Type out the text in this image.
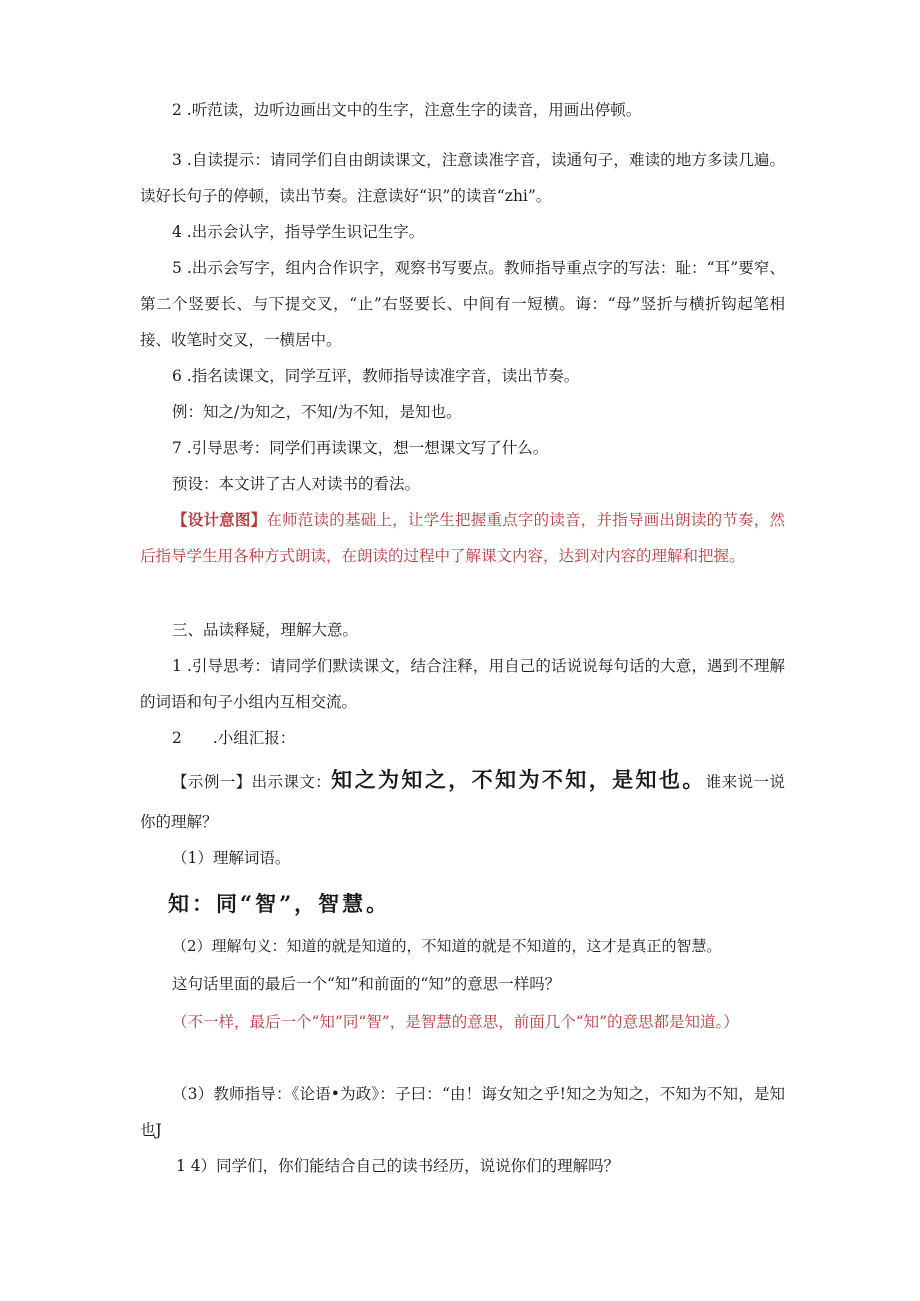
2 .听范读，边听边画出文中的生字，注意生字的读音，用画出停顿。
3 .自读提示：请同学们自由朗读课文，注意读准字音，读通句子，难读的地方多读几遍。读好长句子的停顿，读出节奏。注意读好“识”的读音“zhi”。
4 .出示会认字，指导学生识记生字。
5 .出示会写字，组内合作识字，观察书写要点。教师指导重点字的写法：耻：“耳”要窄、第二个竖要长、与下提交叉，“止”右竖要长、中间有一短横。诲：“母”竖折与横折钩起笔相接、收笔时交叉，一横居中。
6 .指名读课文，同学互评，教师指导读准字音，读出节奏。
例：知之/为知之，不知/为不知，是知也。
7 .引导思考：同学们再读课文，想一想课文写了什么。
预设：本文讲了古人对读书的看法。
【设计意图】在师范读的基础上，让学生把握重点字的读音，并指导画出朗读的节奏，然后指导学生用各种方式朗读，在朗读的过程中了解课文内容，达到对内容的理解和把握。
三、品读释疑，理解大意。
1 .引导思考：请同学们默读课文，结合注释，用自己的话说说每句话的大意，遇到不理解的词语和句子小组内互相交流。
2　　.小组汇报：
【示例一】出示课文：知之为知之，不知为不知，是知也。谁来说一说你的理解？
（1）理解词语。
知：同“智”，智慧。
（2）理解句义：知道的就是知道的，不知道的就是不知道的，这才是真正的智慧。
这句话里面的最后一个“知”和前面的“知”的意思一样吗？
（不一样，最后一个“知”同“智”，是智慧的意思，前面几个“知”的意思都是知道。）
（3）教师指导：《论语•为政》：子曰：“由！诲女知之乎!知之为知之，不知为不知，是知也J
1 4）同学们，你们能结合自己的读书经历，说说你们的理解吗？
